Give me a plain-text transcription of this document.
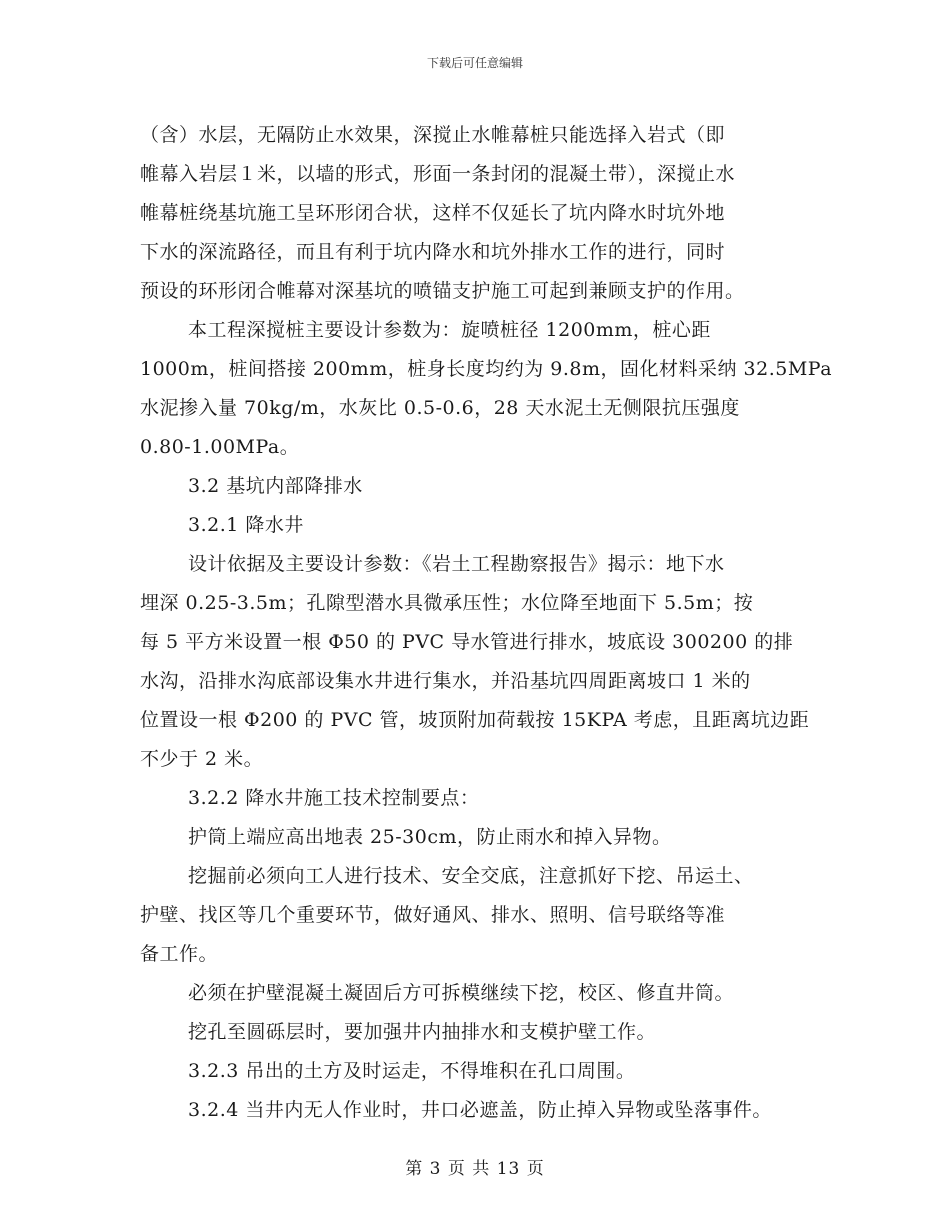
下载后可任意编辑
（含）水层，无隔防止水效果，深搅止水帷幕桩只能选择入岩式（即
帷幕入岩层１米，以墙的形式，形面一条封闭的混凝土带），深搅止水
帷幕桩绕基坑施工呈环形闭合状，这样不仅延长了坑内降水时坑外地
下水的深流路径，而且有利于坑内降水和坑外排水工作的进行，同时
预设的环形闭合帷幕对深基坑的喷锚支护施工可起到兼顾支护的作用。
本工程深搅桩主要设计参数为：旋喷桩径 1200mm，桩心距
1000m，桩间搭接 200mm，桩身长度均约为 9.8m，固化材料采纳 32.5MPa
水泥掺入量 70kg/m，水灰比 0.5-0.6，28 天水泥土无侧限抗压强度
0.80-1.00MPa。
3.2 基坑内部降排水
3.2.1 降水井
设计依据及主要设计参数：《岩土工程勘察报告》揭示：地下水
埋深 0.25-3.5m；孔隙型潜水具微承压性；水位降至地面下 5.5m；按
每 5 平方米设置一根 Φ50 的 PVC 导水管进行排水，坡底设 300200 的排
水沟，沿排水沟底部设集水井进行集水，并沿基坑四周距离坡口 1 米的
位置设一根 Φ200 的 PVC 管，坡顶附加荷载按 15KPA 考虑，且距离坑边距
不少于 2 米。
3.2.2 降水井施工技术控制要点：
护筒上端应高出地表 25-30cm，防止雨水和掉入异物。
挖掘前必须向工人进行技术、安全交底，注意抓好下挖、吊运土、
护壁、找区等几个重要环节，做好通风、排水、照明、信号联络等准
备工作。
必须在护壁混凝土凝固后方可拆模继续下挖，校区、修直井筒。
挖孔至圆砾层时，要加强井内抽排水和支模护壁工作。
3.2.3 吊出的土方及时运走，不得堆积在孔口周围。
3.2.4 当井内无人作业时，井口必遮盖，防止掉入异物或坠落事件。
第 3 页 共 13 页
